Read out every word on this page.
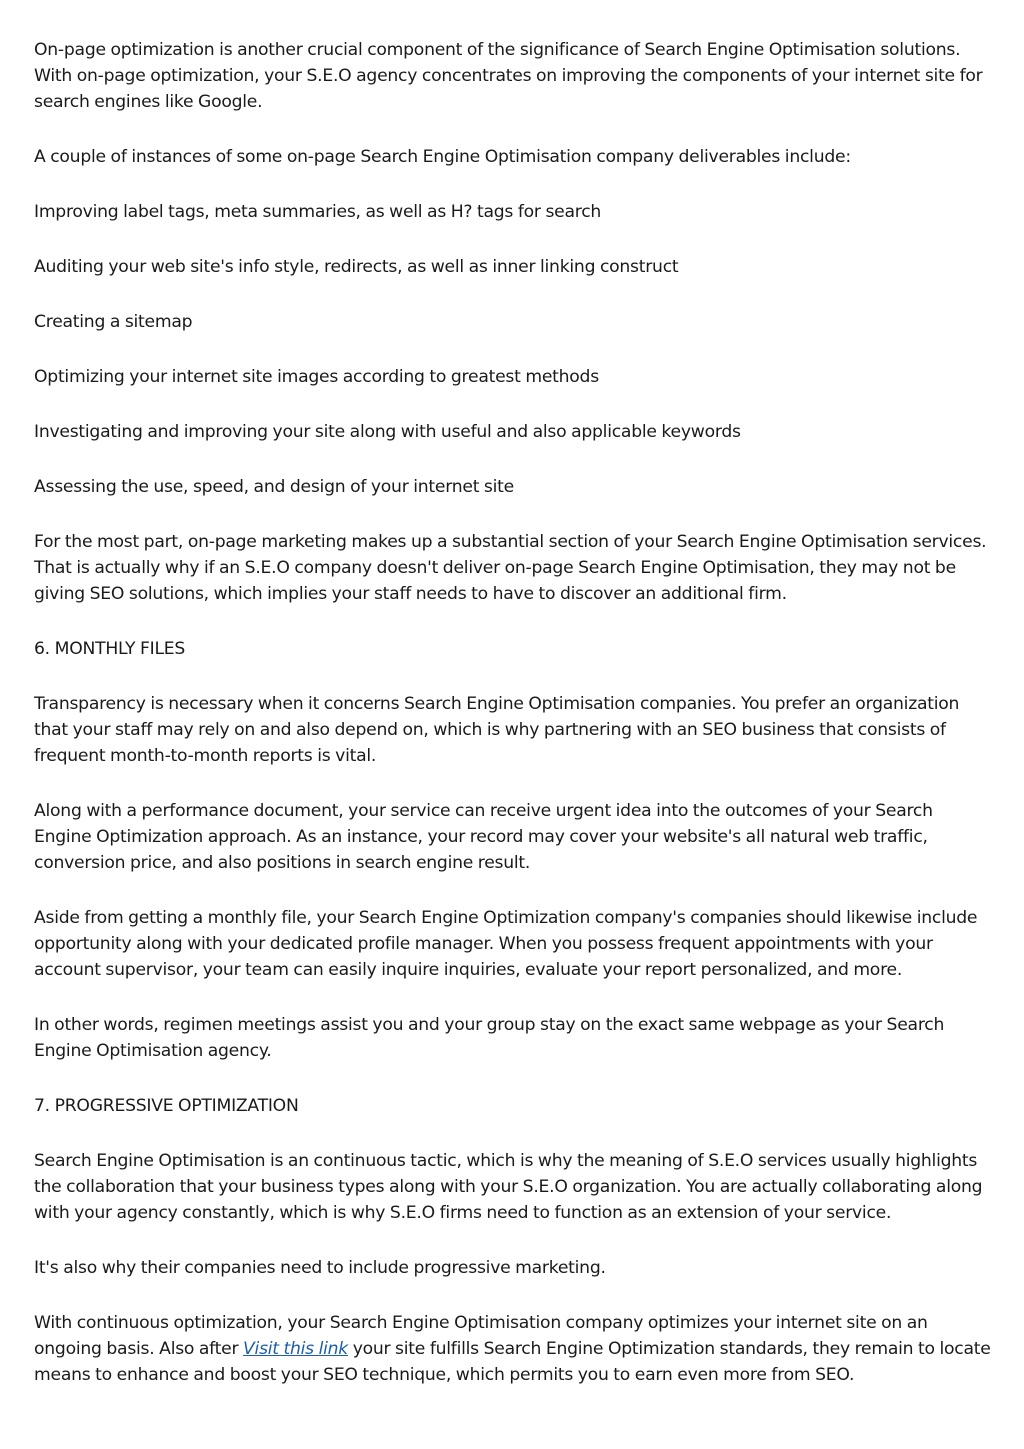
On-page optimization is another crucial component of the significance of Search Engine Optimisation solutions. With on-page optimization, your S.E.O agency concentrates on improving the components of your internet site for search engines like Google.

A couple of instances of some on-page Search Engine Optimisation company deliverables include:

Improving label tags, meta summaries, as well as H? tags for search

Auditing your web site's info style, redirects, as well as inner linking construct

Creating a sitemap

Optimizing your internet site images according to greatest methods

Investigating and improving your site along with useful and also applicable keywords

Assessing the use, speed, and design of your internet site

For the most part, on-page marketing makes up a substantial section of your Search Engine Optimisation services. That is actually why if an S.E.O company doesn't deliver on-page Search Engine Optimisation, they may not be giving SEO solutions, which implies your staff needs to have to discover an additional firm.

6. MONTHLY FILES

Transparency is necessary when it concerns Search Engine Optimisation companies. You prefer an organization that your staff may rely on and also depend on, which is why partnering with an SEO business that consists of frequent month-to-month reports is vital.

Along with a performance document, your service can receive urgent idea into the outcomes of your Search Engine Optimization approach. As an instance, your record may cover your website's all natural web traffic, conversion price, and also positions in search engine result.

Aside from getting a monthly file, your Search Engine Optimization company's companies should likewise include opportunity along with your dedicated profile manager. When you possess frequent appointments with your account supervisor, your team can easily inquire inquiries, evaluate your report personalized, and more.

In other words, regimen meetings assist you and your group stay on the exact same webpage as your Search Engine Optimisation agency.

7. PROGRESSIVE OPTIMIZATION

Search Engine Optimisation is an continuous tactic, which is why the meaning of S.E.O services usually highlights the collaboration that your business types along with your S.E.O organization. You are actually collaborating along with your agency constantly, which is why S.E.O firms need to function as an extension of your service.

It's also why their companies need to include progressive marketing.

With continuous optimization, your Search Engine Optimisation company optimizes your internet site on an ongoing basis. Also after Visit this link your site fulfills Search Engine Optimization standards, they remain to locate means to enhance and boost your SEO technique, which permits you to earn even more from SEO.
